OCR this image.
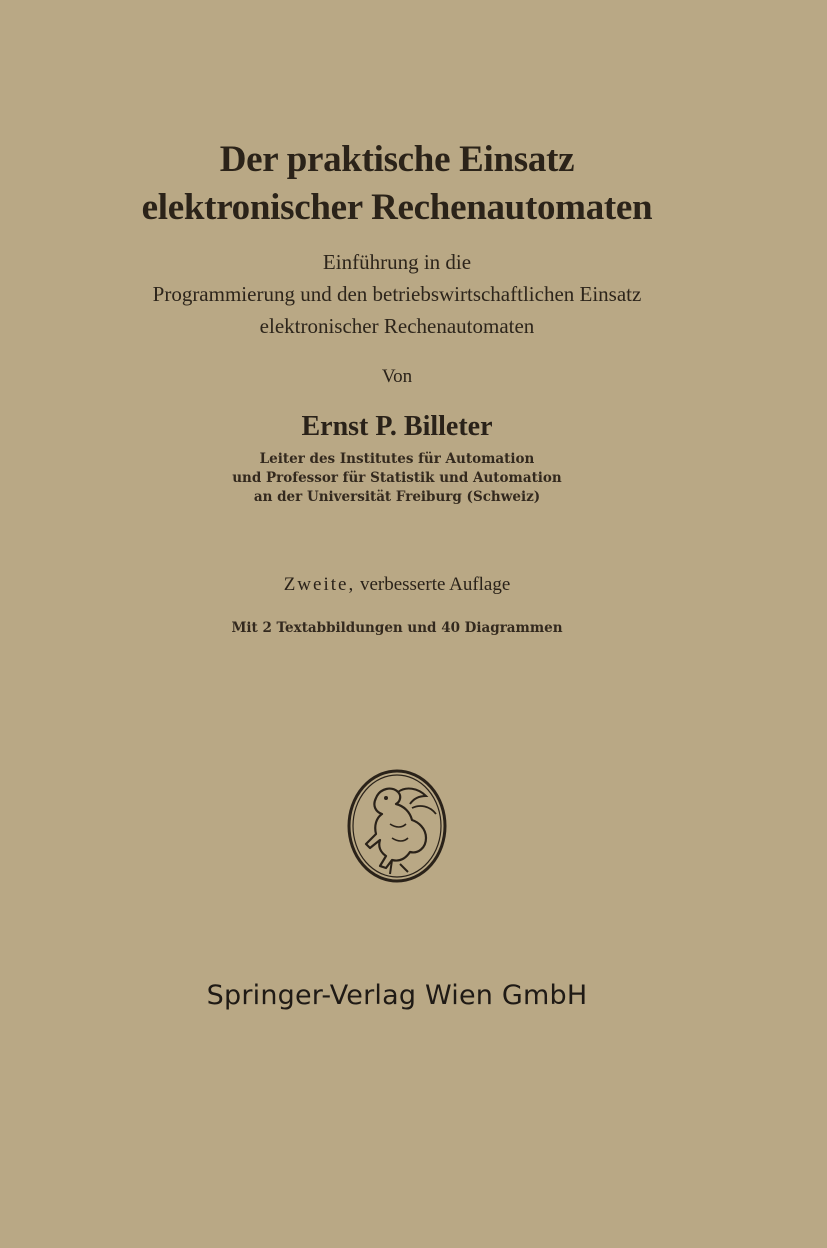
Der praktische Einsatz
elektronischer Rechenautomaten
Einführung in die
Programmierung und den betriebswirtschaftlichen Einsatz
elektronischer Rechenautomaten
Von
Ernst P. Billeter
Leiter des Institutes für Automation
und Professor für Statistik und Automation
an der Universität Freiburg (Schweiz)
Zweite, verbesserte Auflage
Mit 2 Textabbildungen und 40 Diagrammen
Springer-Verlag Wien GmbH
